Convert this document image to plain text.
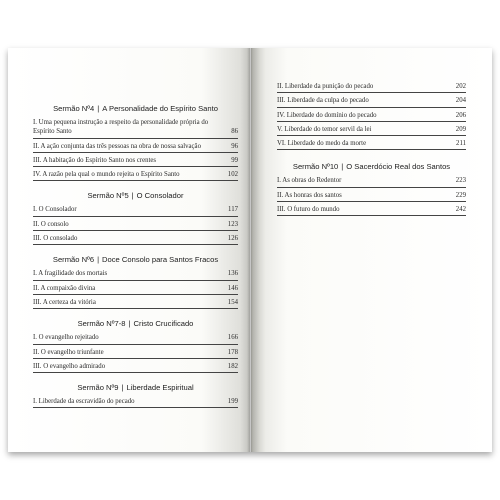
Sermão Nº4 | A Personalidade do Espírito Santo
I. Uma pequena instrução a respeito da personalidade própria do Espírito Santo	86
II. A ação conjunta das três pessoas na obra de nossa salvação	96
III. A habitação do Espírito Santo nos crentes	99
IV. A razão pela qual o mundo rejeita o Espírito Santo	102
Sermão Nº5 | O Consolador
I. O Consolador	117
II. O consolo	123
III. O consolado	126
Sermão Nº6 | Doce Consolo para Santos Fracos
I. A fragilidade dos mortais	136
II. A compaixão divina	146
III. A certeza da vitória	154
Sermão Nº7-8 | Cristo Crucificado
I. O evangelho rejeitado	166
II. O evangelho triunfante	178
III. O evangelho admirado	182
Sermão Nº9 | Liberdade Espiritual
I. Liberdade da escravidão do pecado	199
II. Liberdade da punição do pecado	202
III. Liberdade da culpa do pecado	204
IV. Liberdade do domínio do pecado	206
V. Liberdade do temor servil da lei	209
VI. Liberdade do medo da morte	211
Sermão Nº10 | O Sacerdócio Real dos Santos
I. As obras do Redentor	223
II. As honras dos santos	229
III. O futuro do mundo	242
